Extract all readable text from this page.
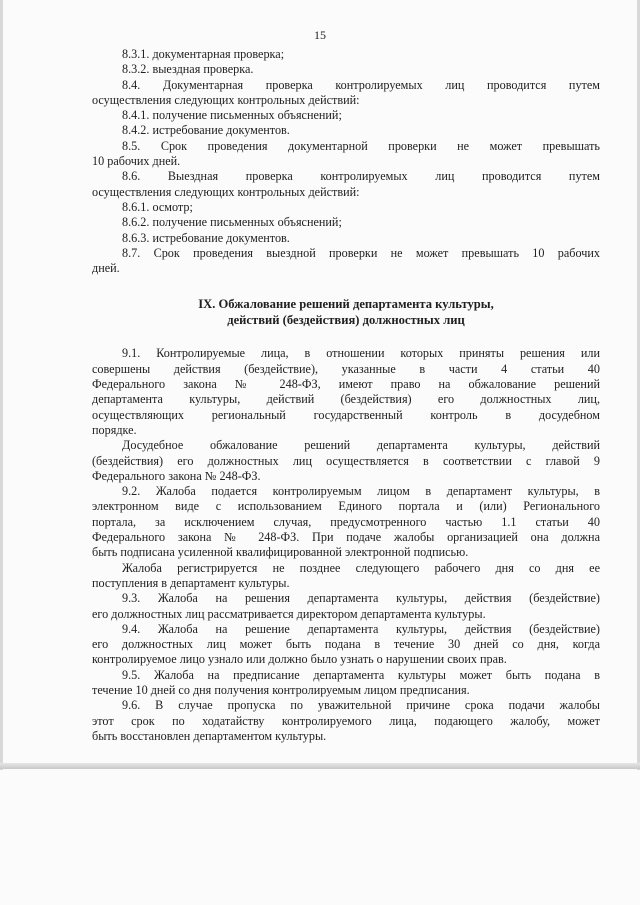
15
8.3.1. документарная проверка;
8.3.2. выездная проверка.
8.4. Документарная проверка контролируемых лиц проводится путем
осуществления следующих контрольных действий:
8.4.1. получение письменных объяснений;
8.4.2. истребование документов.
8.5. Срок проведения документарной проверки не может превышать
10 рабочих дней.
8.6. Выездная проверка контролируемых лиц проводится путем
осуществления следующих контрольных действий:
8.6.1. осмотр;
8.6.2. получение письменных объяснений;
8.6.3. истребование документов.
8.7. Срок проведения выездной проверки не может превышать 10 рабочих
дней.
IX. Обжалование решений департамента культуры,
действий (бездействия) должностных лиц
9.1. Контролируемые лица, в отношении которых приняты решения или
совершены действия (бездействие), указанные в части 4 статьи 40
Федерального закона № 248-ФЗ, имеют право на обжалование решений
департамента культуры, действий (бездействия) его должностных лиц,
осуществляющих региональный государственный контроль в досудебном
порядке.
Досудебное обжалование решений департамента культуры, действий
(бездействия) его должностных лиц осуществляется в соответствии с главой 9
Федерального закона № 248-ФЗ.
9.2. Жалоба подается контролируемым лицом в департамент культуры, в
электронном виде с использованием Единого портала и (или) Регионального
портала, за исключением случая, предусмотренного частью 1.1 статьи 40
Федерального закона № 248-ФЗ. При подаче жалобы организацией она должна
быть подписана усиленной квалифицированной электронной подписью.
Жалоба регистрируется не позднее следующего рабочего дня со дня ее
поступления в департамент культуры.
9.3. Жалоба на решения департамента культуры, действия (бездействие)
его должностных лиц рассматривается директором департамента культуры.
9.4. Жалоба на решение департамента культуры, действия (бездействие)
его должностных лиц может быть подана в течение 30 дней со дня, когда
контролируемое лицо узнало или должно было узнать о нарушении своих прав.
9.5. Жалоба на предписание департамента культуры может быть подана в
течение 10 дней со дня получения контролируемым лицом предписания.
9.6. В случае пропуска по уважительной причине срока подачи жалобы
этот срок по ходатайству контролируемого лица, подающего жалобу, может
быть восстановлен департаментом культуры.
